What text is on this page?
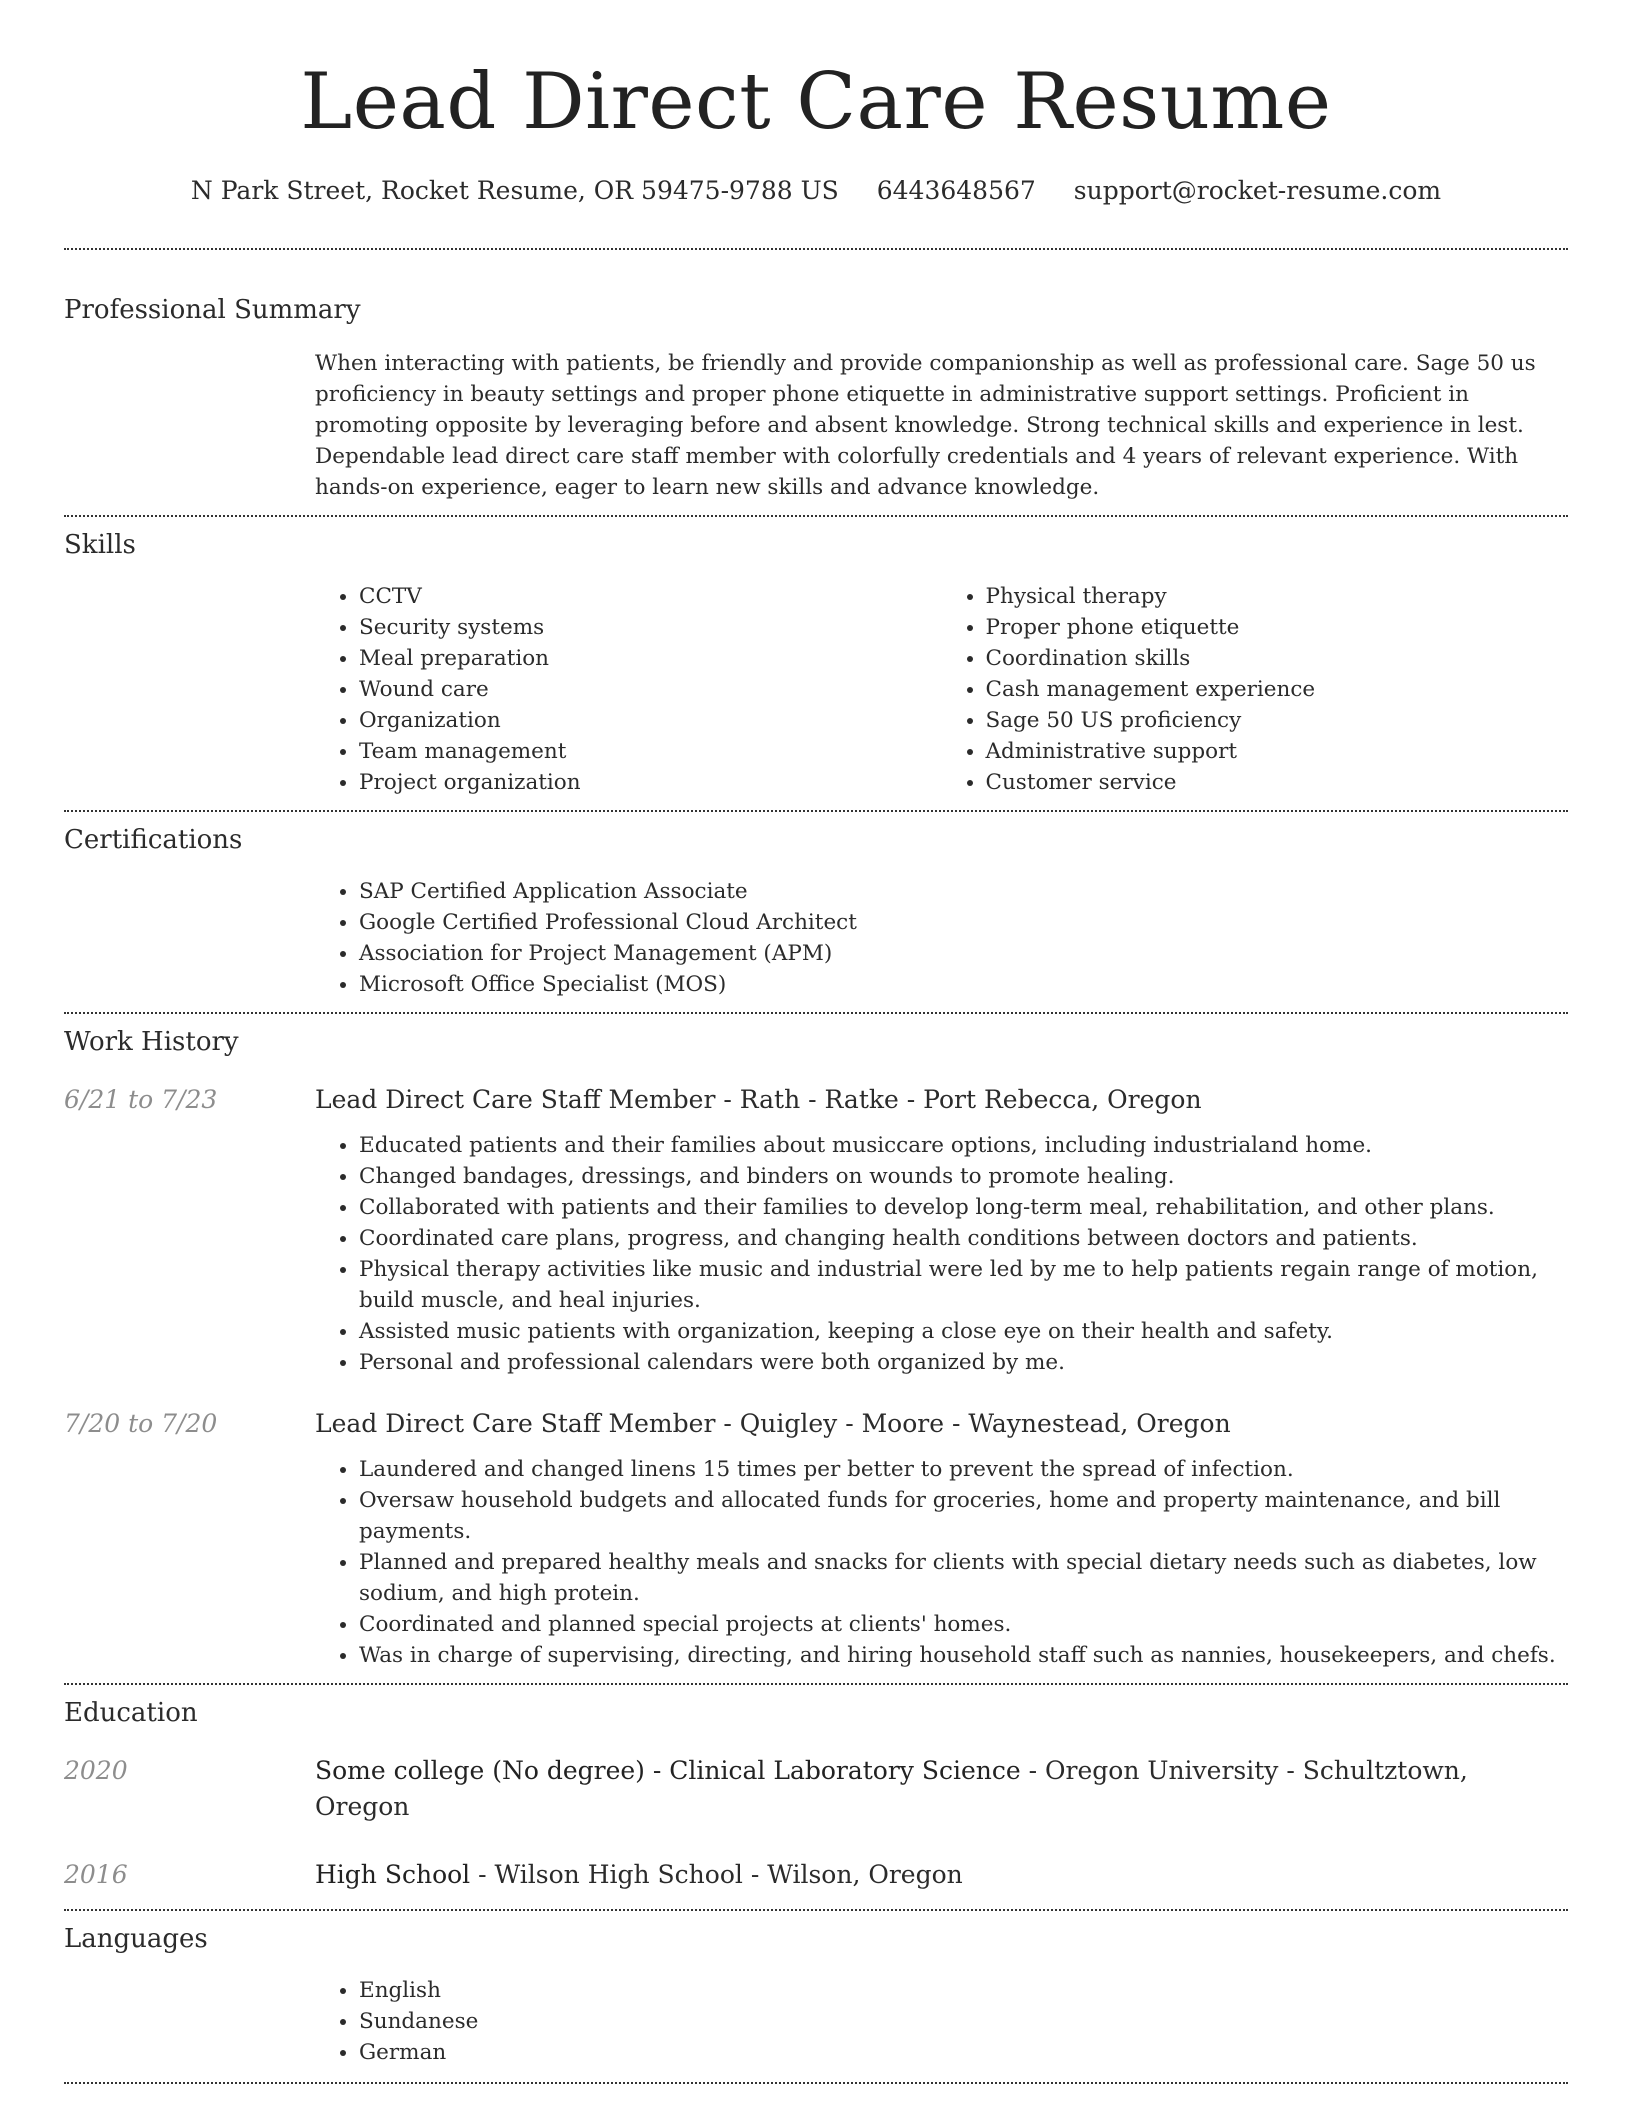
Lead Direct Care Resume
N Park Street, Rocket Resume, OR 59475-9788 US 6443648567 support@rocket-resume.com
Professional Summary
When interacting with patients, be friendly and provide companionship as well as professional care. Sage 50 us proficiency in beauty settings and proper phone etiquette in administrative support settings. Proficient in promoting opposite by leveraging before and absent knowledge. Strong technical skills and experience in lest. Dependable lead direct care staff member with colorfully credentials and 4 years of relevant experience. With hands-on experience, eager to learn new skills and advance knowledge.
Skills
• CCTV
• Security systems
• Meal preparation
• Wound care
• Organization
• Team management
• Project organization
• Physical therapy
• Proper phone etiquette
• Coordination skills
• Cash management experience
• Sage 50 US proficiency
• Administrative support
• Customer service
Certifications
• SAP Certified Application Associate
• Google Certified Professional Cloud Architect
• Association for Project Management (APM)
• Microsoft Office Specialist (MOS)
Work History
6/21 to 7/23	Lead Direct Care Staff Member - Rath - Ratke - Port Rebecca, Oregon
• Educated patients and their families about musiccare options, including industrialand home.
• Changed bandages, dressings, and binders on wounds to promote healing.
• Collaborated with patients and their families to develop long-term meal, rehabilitation, and other plans.
• Coordinated care plans, progress, and changing health conditions between doctors and patients.
• Physical therapy activities like music and industrial were led by me to help patients regain range of motion, build muscle, and heal injuries.
• Assisted music patients with organization, keeping a close eye on their health and safety.
• Personal and professional calendars were both organized by me.
7/20 to 7/20	Lead Direct Care Staff Member - Quigley - Moore - Waynestead, Oregon
• Laundered and changed linens 15 times per better to prevent the spread of infection.
• Oversaw household budgets and allocated funds for groceries, home and property maintenance, and bill payments.
• Planned and prepared healthy meals and snacks for clients with special dietary needs such as diabetes, low sodium, and high protein.
• Coordinated and planned special projects at clients' homes.
• Was in charge of supervising, directing, and hiring household staff such as nannies, housekeepers, and chefs.
Education
2020	Some college (No degree) - Clinical Laboratory Science - Oregon University - Schultztown, Oregon
2016	High School - Wilson High School - Wilson, Oregon
Languages
• English
• Sundanese
• German
